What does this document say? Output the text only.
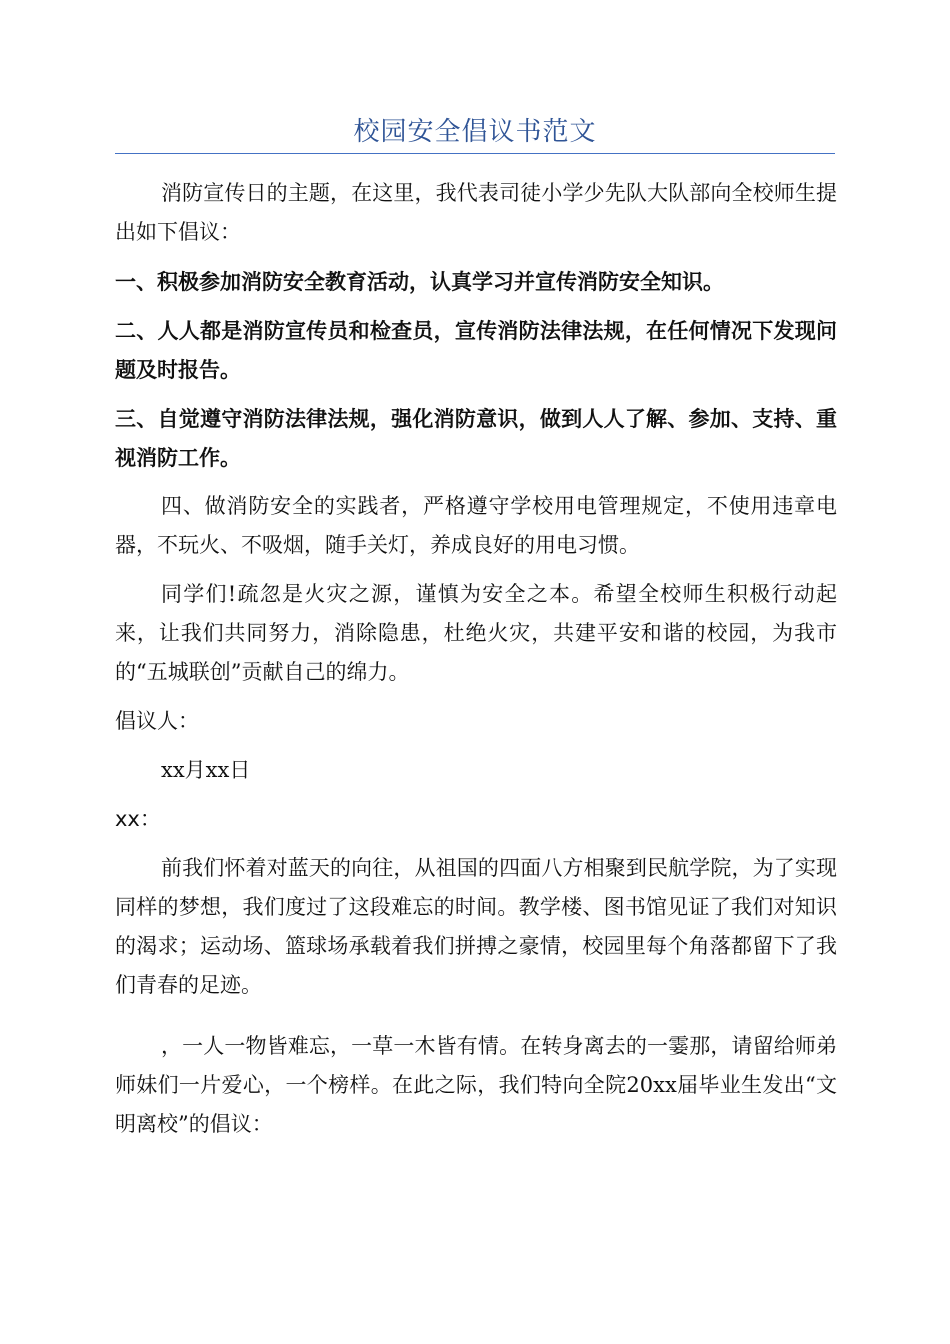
校园安全倡议书范文

消防宣传日的主题，在这里，我代表司徒小学少先队大队部向全校师生提出如下倡议：

一、积极参加消防安全教育活动，认真学习并宣传消防安全知识。

二、人人都是消防宣传员和检查员，宣传消防法律法规，在任何情况下发现问题及时报告。

三、自觉遵守消防法律法规，强化消防意识，做到人人了解、参加、支持、重视消防工作。

四、做消防安全的实践者，严格遵守学校用电管理规定，不使用违章电器，不玩火、不吸烟，随手关灯，养成良好的用电习惯。

同学们!疏忽是火灾之源，谨慎为安全之本。希望全校师生积极行动起来，让我们共同努力，消除隐患，杜绝火灾，共建平安和谐的校园，为我市的“五城联创”贡献自己的绵力。

倡议人：

xx月xx日

xx：

前我们怀着对蓝天的向往，从祖国的四面八方相聚到民航学院，为了实现同样的梦想，我们度过了这段难忘的时间。教学楼、图书馆见证了我们对知识的渴求；运动场、篮球场承载着我们拼搏之豪情，校园里每个角落都留下了我们青春的足迹。

，一人一物皆难忘，一草一木皆有情。在转身离去的一霎那，请留给师弟师妹们一片爱心，一个榜样。在此之际，我们特向全院20xx届毕业生发出“文明离校”的倡议：
